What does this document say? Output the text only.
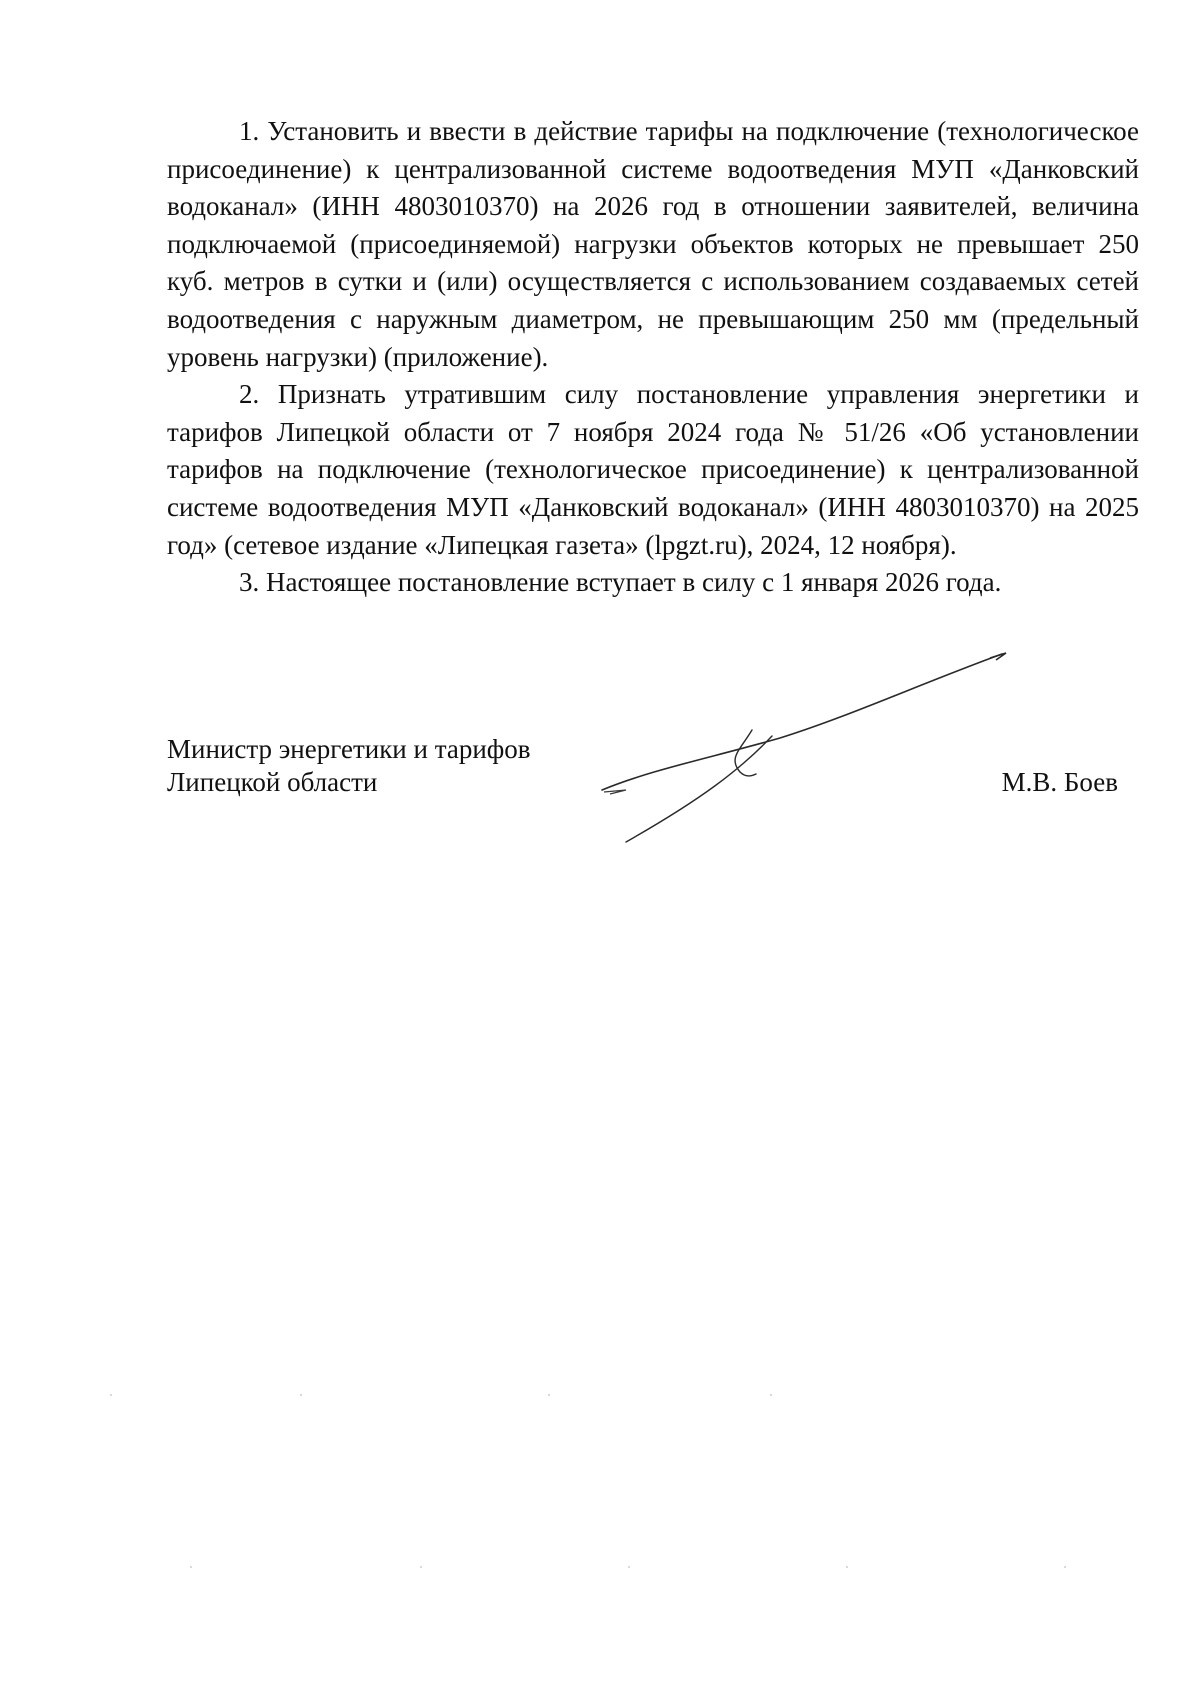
1. Установить и ввести в действие тарифы на подключение (технологическое присоединение) к централизованной системе водоотведения МУП «Данковский водоканал» (ИНН 4803010370) на 2026 год в отношении заявителей, величина подключаемой (присоединяемой) нагрузки объектов которых не превышает 250 куб. метров в сутки и (или) осуществляется с использованием создаваемых сетей водоотведения с наружным диаметром, не превышающим 250 мм (предельный уровень нагрузки) (приложение).

2. Признать утратившим силу постановление управления энергетики и тарифов Липецкой области от 7 ноября 2024 года № 51/26 «Об установлении тарифов на подключение (технологическое присоединение) к централизованной системе водоотведения МУП «Данковский водоканал» (ИНН 4803010370) на 2025 год» (сетевое издание «Липецкая газета» (lpgzt.ru), 2024, 12 ноября).

3. Настоящее постановление вступает в силу с 1 января 2026 года.

Министр энергетики и тарифов
Липецкой области	М.В. Боев
